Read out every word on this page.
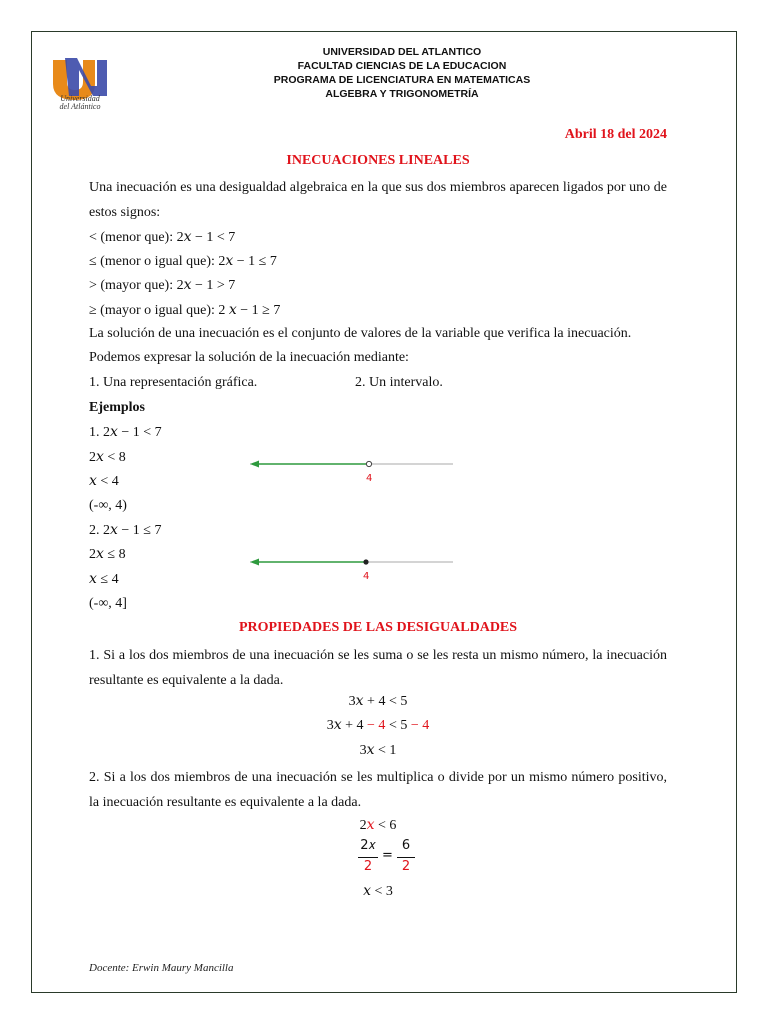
Universidad
del Atlántico
UNIVERSIDAD DEL ATLANTICO
FACULTAD CIENCIAS DE LA EDUCACION
PROGRAMA DE LICENCIATURA EN MATEMATICAS
ALGEBRA Y TRIGONOMETRÍA
Abril 18 del 2024
INECUACIONES LINEALES
Una inecuación es una desigualdad algebraica en la que sus dos miembros aparecen ligados por uno de estos signos:
< (menor que): 2𝑥 − 1 < 7
≤ (menor o igual que): 2𝑥 − 1 ≤ 7
> (mayor que): 2𝑥 − 1 > 7
≥ (mayor o igual que): 2 𝑥 − 1 ≥ 7
La solución de una inecuación es el conjunto de valores de la variable que verifica la inecuación.
Podemos expresar la solución de la inecuación mediante:
1. Una representación gráfica.	2. Un intervalo.
Ejemplos
1. 2𝑥 − 1 < 7
2𝑥 < 8
𝑥 < 4
(-∞, 4)
4
2. 2𝑥 − 1 ≤ 7
2𝑥 ≤ 8
𝑥 ≤ 4
(-∞, 4]
4
PROPIEDADES DE LAS DESIGUALDADES
1. Si a los dos miembros de una inecuación se les suma o se les resta un mismo número, la inecuación resultante es equivalente a la dada.
3𝑥 + 4 < 5
3𝑥 + 4 − 4 < 5 − 4
3𝑥 < 1
2. Si a los dos miembros de una inecuación se les multiplica o divide por un mismo número positivo, la inecuación resultante es equivalente a la dada.
2𝑥 < 6
2𝑥
2
=
6
2
𝑥 < 3
Docente: Erwin Maury Mancilla
